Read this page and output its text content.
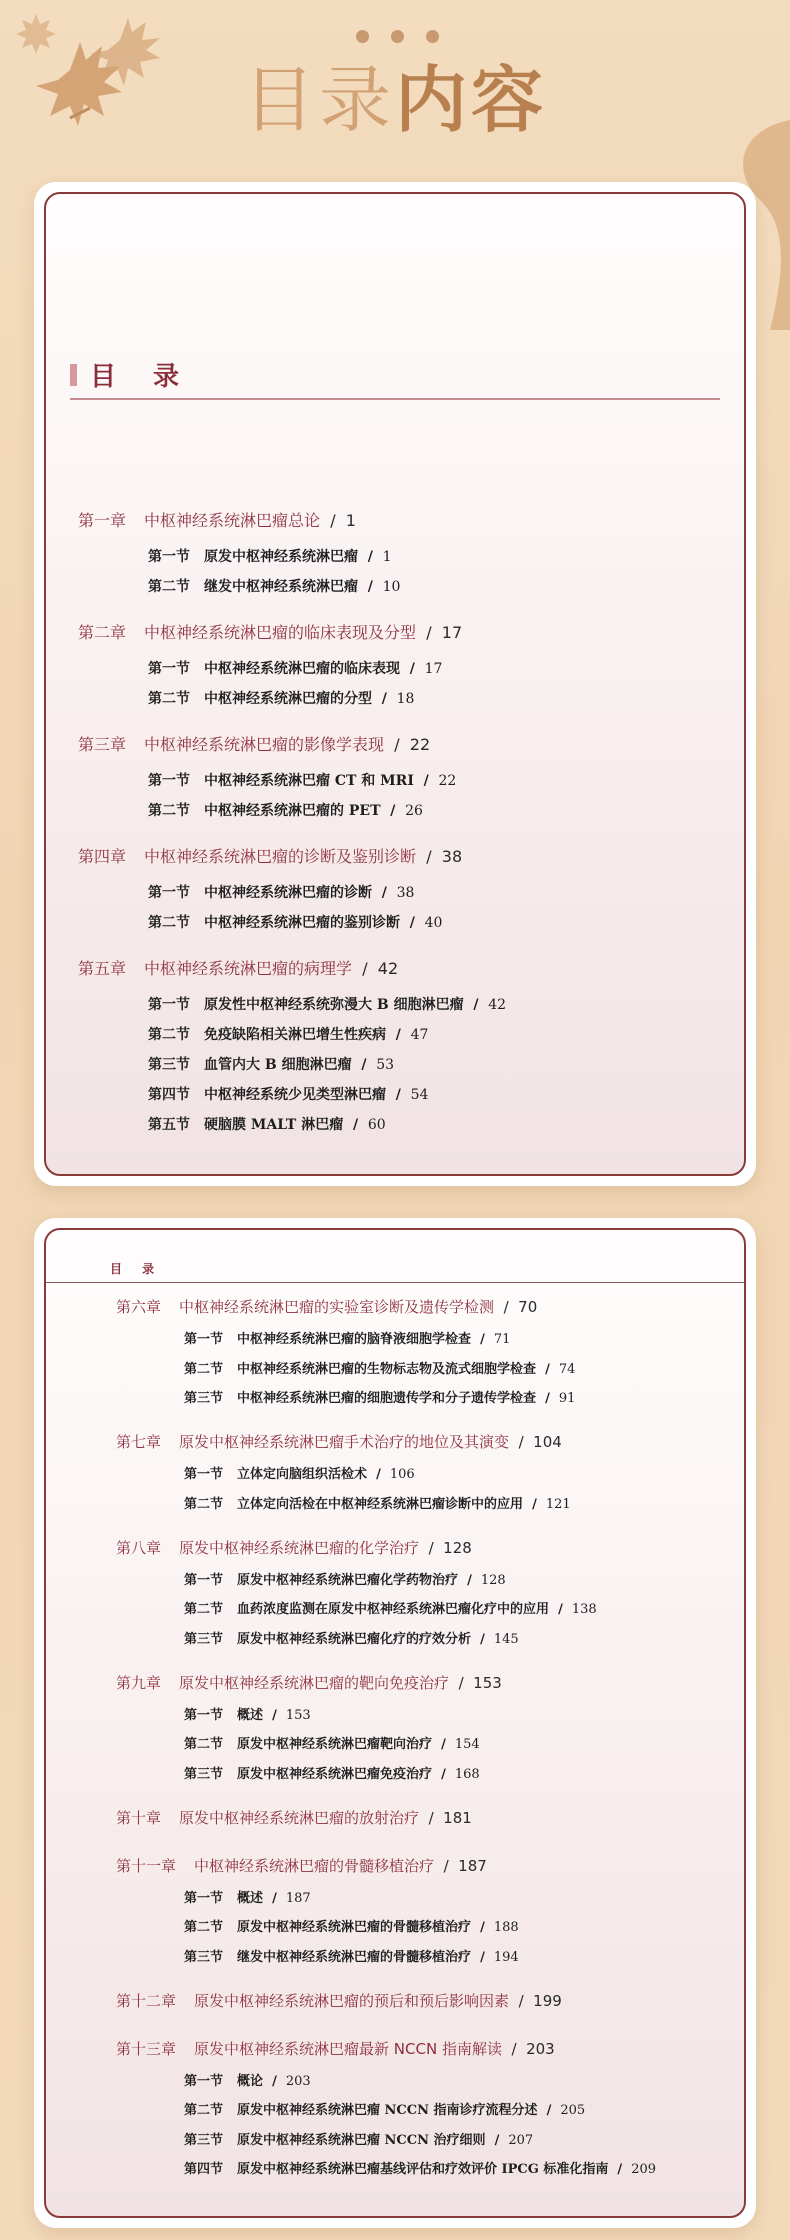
目录内容
目 录
第一章 中枢神经系统淋巴瘤总论  /  1
第一节 原发中枢神经系统淋巴瘤  /  1
第二节 继发中枢神经系统淋巴瘤  /  10
第二章 中枢神经系统淋巴瘤的临床表现及分型  /  17
第一节 中枢神经系统淋巴瘤的临床表现  /  17
第二节 中枢神经系统淋巴瘤的分型  /  18
第三章 中枢神经系统淋巴瘤的影像学表现  /  22
第一节 中枢神经系统淋巴瘤 CT 和 MRI  /  22
第二节 中枢神经系统淋巴瘤的 PET  /  26
第四章 中枢神经系统淋巴瘤的诊断及鉴别诊断  /  38
第一节 中枢神经系统淋巴瘤的诊断  /  38
第二节 中枢神经系统淋巴瘤的鉴别诊断  /  40
第五章 中枢神经系统淋巴瘤的病理学  /  42
第一节 原发性中枢神经系统弥漫大 B 细胞淋巴瘤  /  42
第二节 免疫缺陷相关淋巴增生性疾病  /  47
第三节 血管内大 B 细胞淋巴瘤  /  53
第四节 中枢神经系统少见类型淋巴瘤  /  54
第五节 硬脑膜 MALT 淋巴瘤  /  60
目 录
第六章 中枢神经系统淋巴瘤的实验室诊断及遗传学检测  /  70
第一节 中枢神经系统淋巴瘤的脑脊液细胞学检查  /  71
第二节 中枢神经系统淋巴瘤的生物标志物及流式细胞学检查  /  74
第三节 中枢神经系统淋巴瘤的细胞遗传学和分子遗传学检查  /  91
第七章 原发中枢神经系统淋巴瘤手术治疗的地位及其演变  /  104
第一节 立体定向脑组织活检术  /  106
第二节 立体定向活检在中枢神经系统淋巴瘤诊断中的应用  /  121
第八章 原发中枢神经系统淋巴瘤的化学治疗  /  128
第一节 原发中枢神经系统淋巴瘤化学药物治疗  /  128
第二节 血药浓度监测在原发中枢神经系统淋巴瘤化疗中的应用  /  138
第三节 原发中枢神经系统淋巴瘤化疗的疗效分析  /  145
第九章 原发中枢神经系统淋巴瘤的靶向免疫治疗  /  153
第一节 概述  /  153
第二节 原发中枢神经系统淋巴瘤靶向治疗  /  154
第三节 原发中枢神经系统淋巴瘤免疫治疗  /  168
第十章 原发中枢神经系统淋巴瘤的放射治疗  /  181
第十一章 中枢神经系统淋巴瘤的骨髓移植治疗  /  187
第一节 概述  /  187
第二节 原发中枢神经系统淋巴瘤的骨髓移植治疗  /  188
第三节 继发中枢神经系统淋巴瘤的骨髓移植治疗  /  194
第十二章 原发中枢神经系统淋巴瘤的预后和预后影响因素  /  199
第十三章 原发中枢神经系统淋巴瘤最新 NCCN 指南解读  /  203
第一节 概论  /  203
第二节 原发中枢神经系统淋巴瘤 NCCN 指南诊疗流程分述  /  205
第三节 原发中枢神经系统淋巴瘤 NCCN 治疗细则  /  207
第四节 原发中枢神经系统淋巴瘤基线评估和疗效评价 IPCG 标准化指南  /  209
